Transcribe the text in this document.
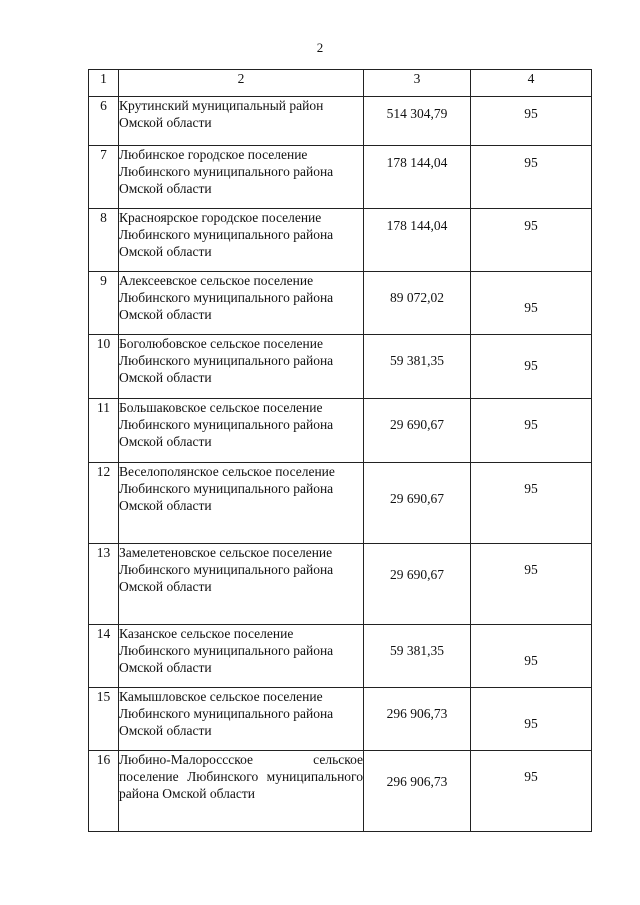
2
1	2	3	4
6	Крутинский муниципальный район Омской области	514 304,79	95
7	Любинское городское поселение Любинского муниципального района Омской области	178 144,04	95
8	Красноярское городское поселение Любинского муниципального района Омской области	178 144,04	95
9	Алексеевское сельское поселение Любинского муниципального района Омской области	89 072,02	95
10	Боголюбовское сельское поселение Любинского муниципального района Омской области	59 381,35	95
11	Большаковское сельское поселение Любинского муниципального района Омской области	29 690,67	95
12	Веселополянское сельское поселение Любинского муниципального района Омской области	29 690,67	95
13	Замелетеновское сельское поселение Любинского муниципального района Омской области	29 690,67	95
14	Казанское сельское поселение Любинского муниципального района Омской области	59 381,35	95
15	Камышловское сельское поселение Любинского муниципального района Омской области	296 906,73	95
16	Любино-Малороссское сельское поселение Любинского муниципального района Омской области	296 906,73	95
